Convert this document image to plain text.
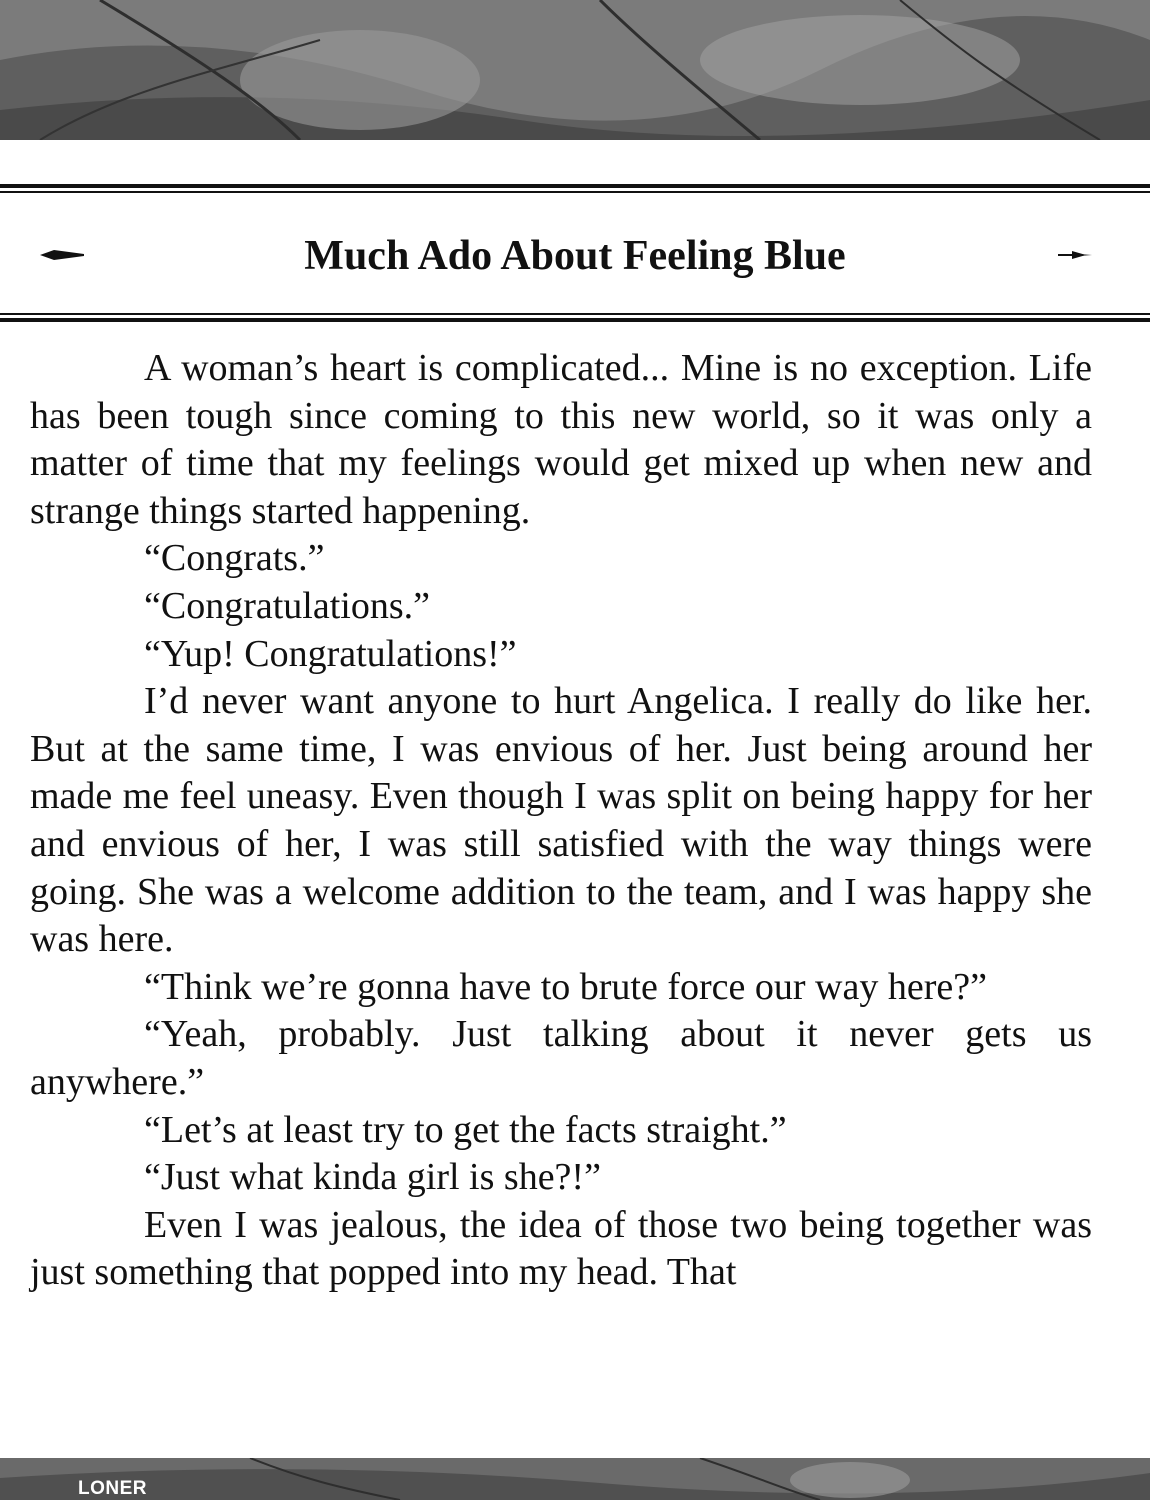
Much Ado About Feeling Blue

A woman’s heart is complicated... Mine is no exception. Life has been tough since coming to this new world, so it was only a matter of time that my feelings would get mixed up when new and strange things started happening.

“Congrats.”

“Congratulations.”

“Yup! Congratulations!”

I’d never want anyone to hurt Angelica. I really do like her. But at the same time, I was envious of her. Just being around her made me feel uneasy. Even though I was split on being happy for her and envious of her, I was still satisfied with the way things were going. She was a welcome addition to the team, and I was happy she was here.

“Think we’re gonna have to brute force our way here?”

“Yeah, probably. Just talking about it never gets us anywhere.”

“Let’s at least try to get the facts straight.”

“Just what kinda girl is she?!”

Even I was jealous, the idea of those two being together was just something that popped into my head. That

LONER
